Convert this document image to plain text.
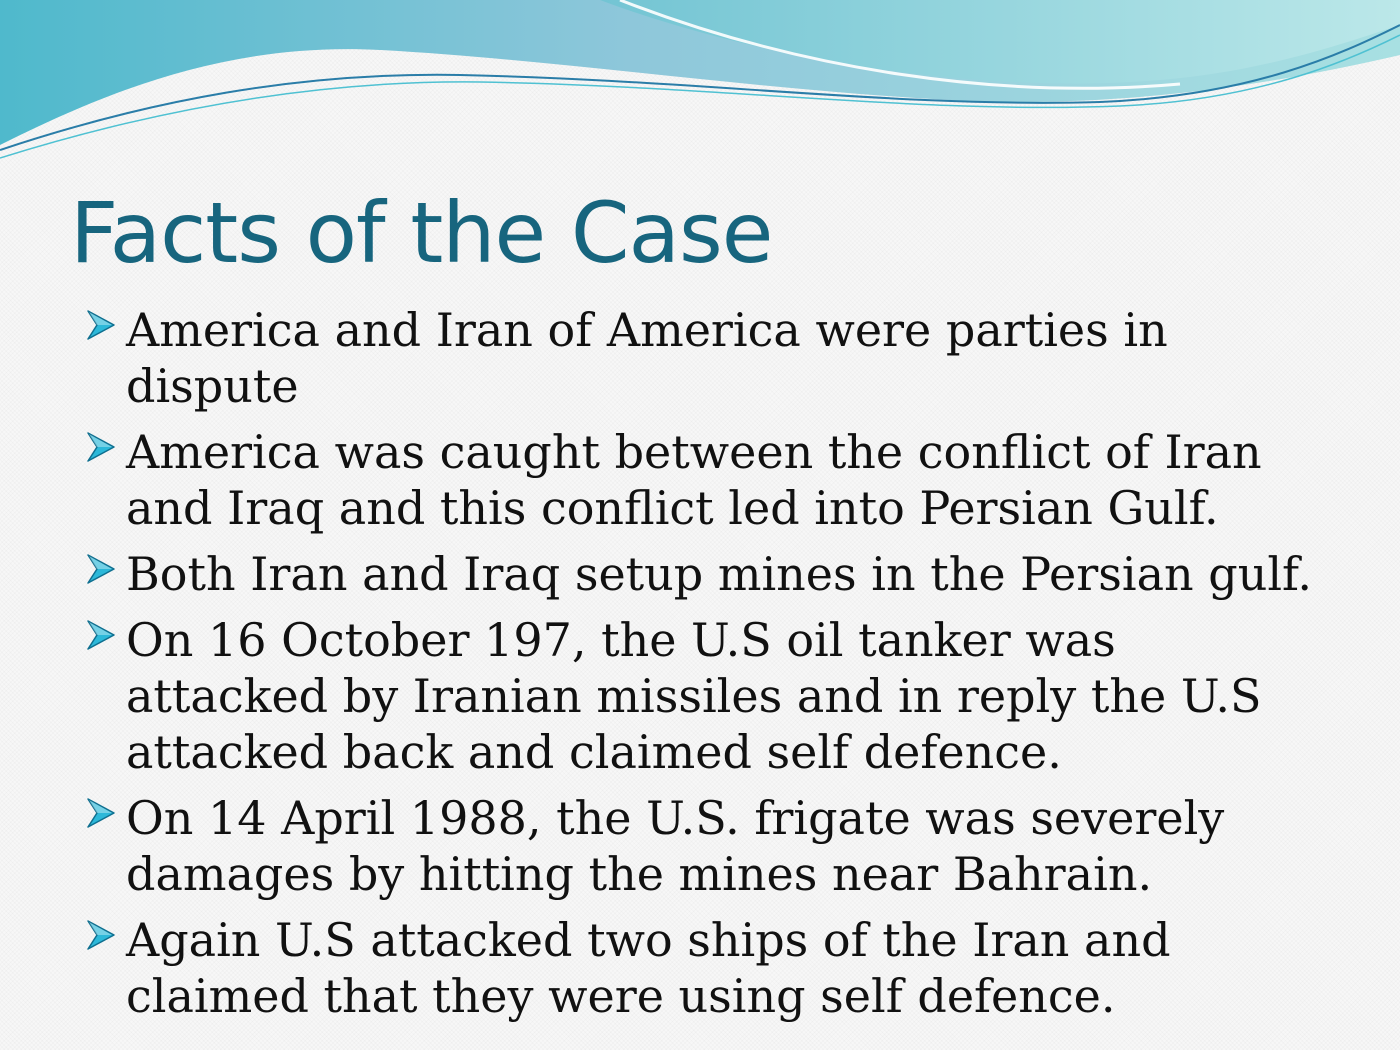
Facts of the Case
America and Iran of America were parties in dispute
America was caught between the conflict of Iran and Iraq and this conflict led into Persian Gulf.
Both Iran and Iraq setup mines in the Persian gulf.
On 16 October 197, the U.S oil tanker was attacked by Iranian missiles and in reply the U.S attacked back and claimed self defence.
On 14 April 1988, the U.S. frigate was severely damages by hitting the mines near Bahrain.
Again U.S attacked two ships of the Iran and claimed that they were using self defence.
